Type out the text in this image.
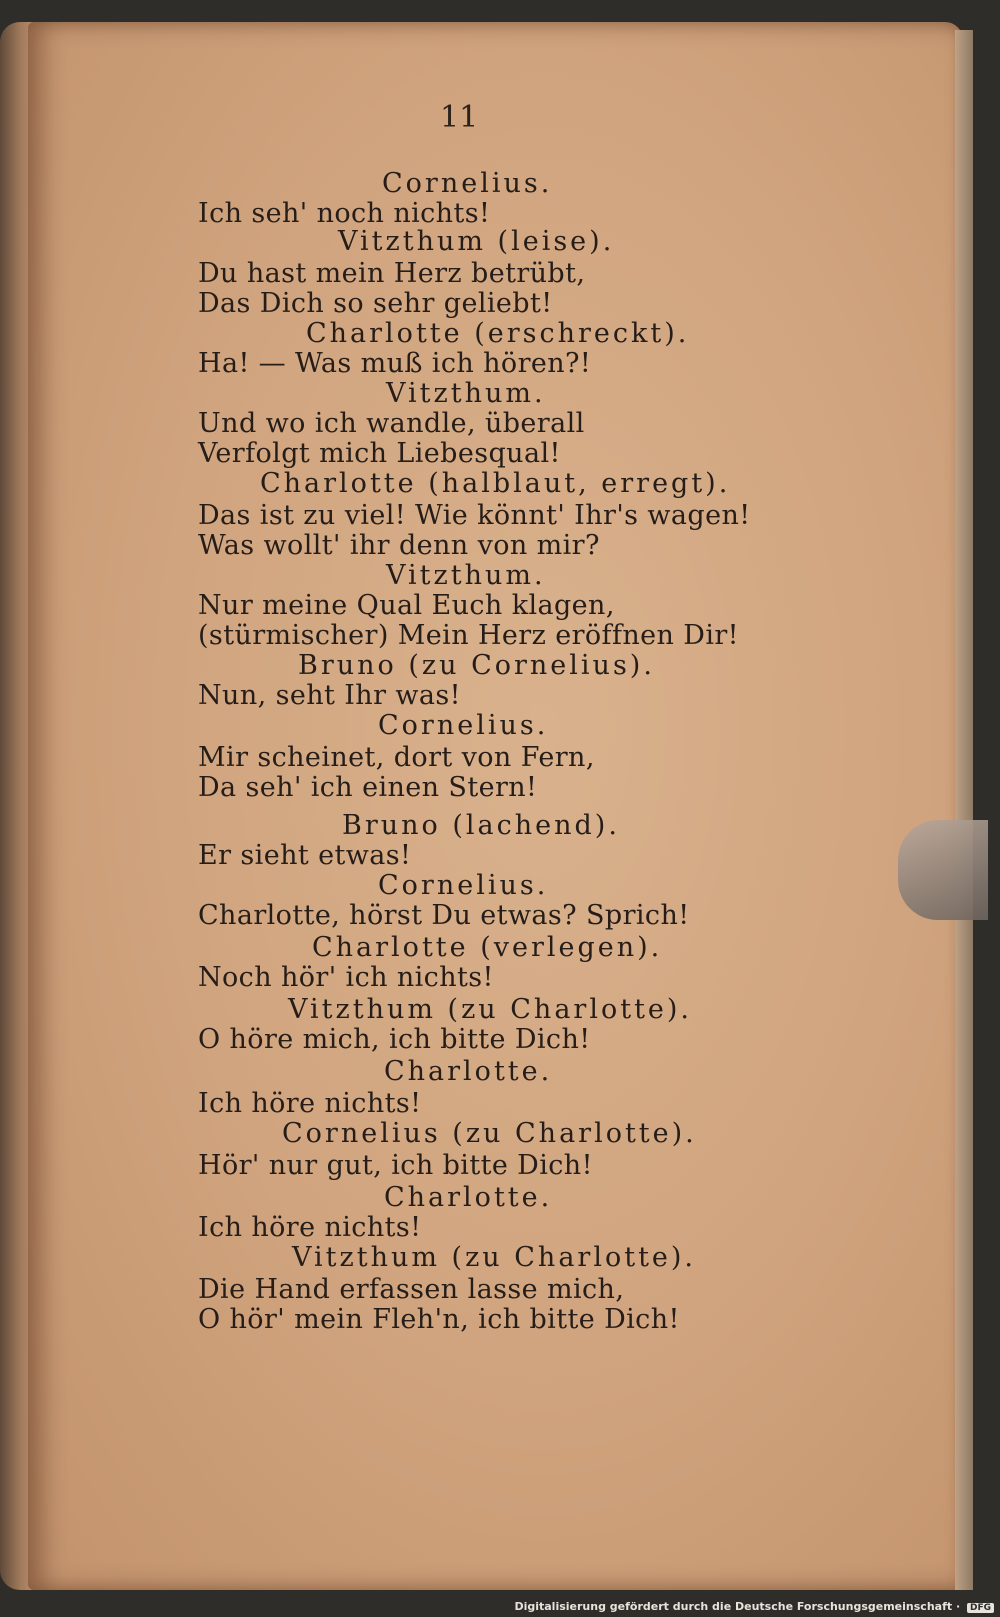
11
Cornelius.
Ich seh' noch nichts!
Vitzthum (leise).
Du hast mein Herz betrübt,
Das Dich so sehr geliebt!
Charlotte (erschreckt).
Ha! — Was muß ich hören?!
Vitzthum.
Und wo ich wandle, überall
Verfolgt mich Liebesqual!
Charlotte (halblaut, erregt).
Das ist zu viel! Wie könnt' Ihr's wagen!
Was wollt' ihr denn von mir?
Vitzthum.
Nur meine Qual Euch klagen,
(stürmischer) Mein Herz eröffnen Dir!
Bruno (zu Cornelius).
Nun, seht Ihr was!
Cornelius.
Mir scheinet, dort von Fern,
Da seh' ich einen Stern!
Bruno (lachend).
Er sieht etwas!
Cornelius.
Charlotte, hörst Du etwas? Sprich!
Charlotte (verlegen).
Noch hör' ich nichts!
Vitzthum (zu Charlotte).
O höre mich, ich bitte Dich!
Charlotte.
Ich höre nichts!
Cornelius (zu Charlotte).
Hör' nur gut, ich bitte Dich!
Charlotte.
Ich höre nichts!
Vitzthum (zu Charlotte).
Die Hand erfassen lasse mich,
O hör' mein Fleh'n, ich bitte Dich!
Digitalisierung gefördert durch die Deutsche Forschungsgemeinschaft · DFG
